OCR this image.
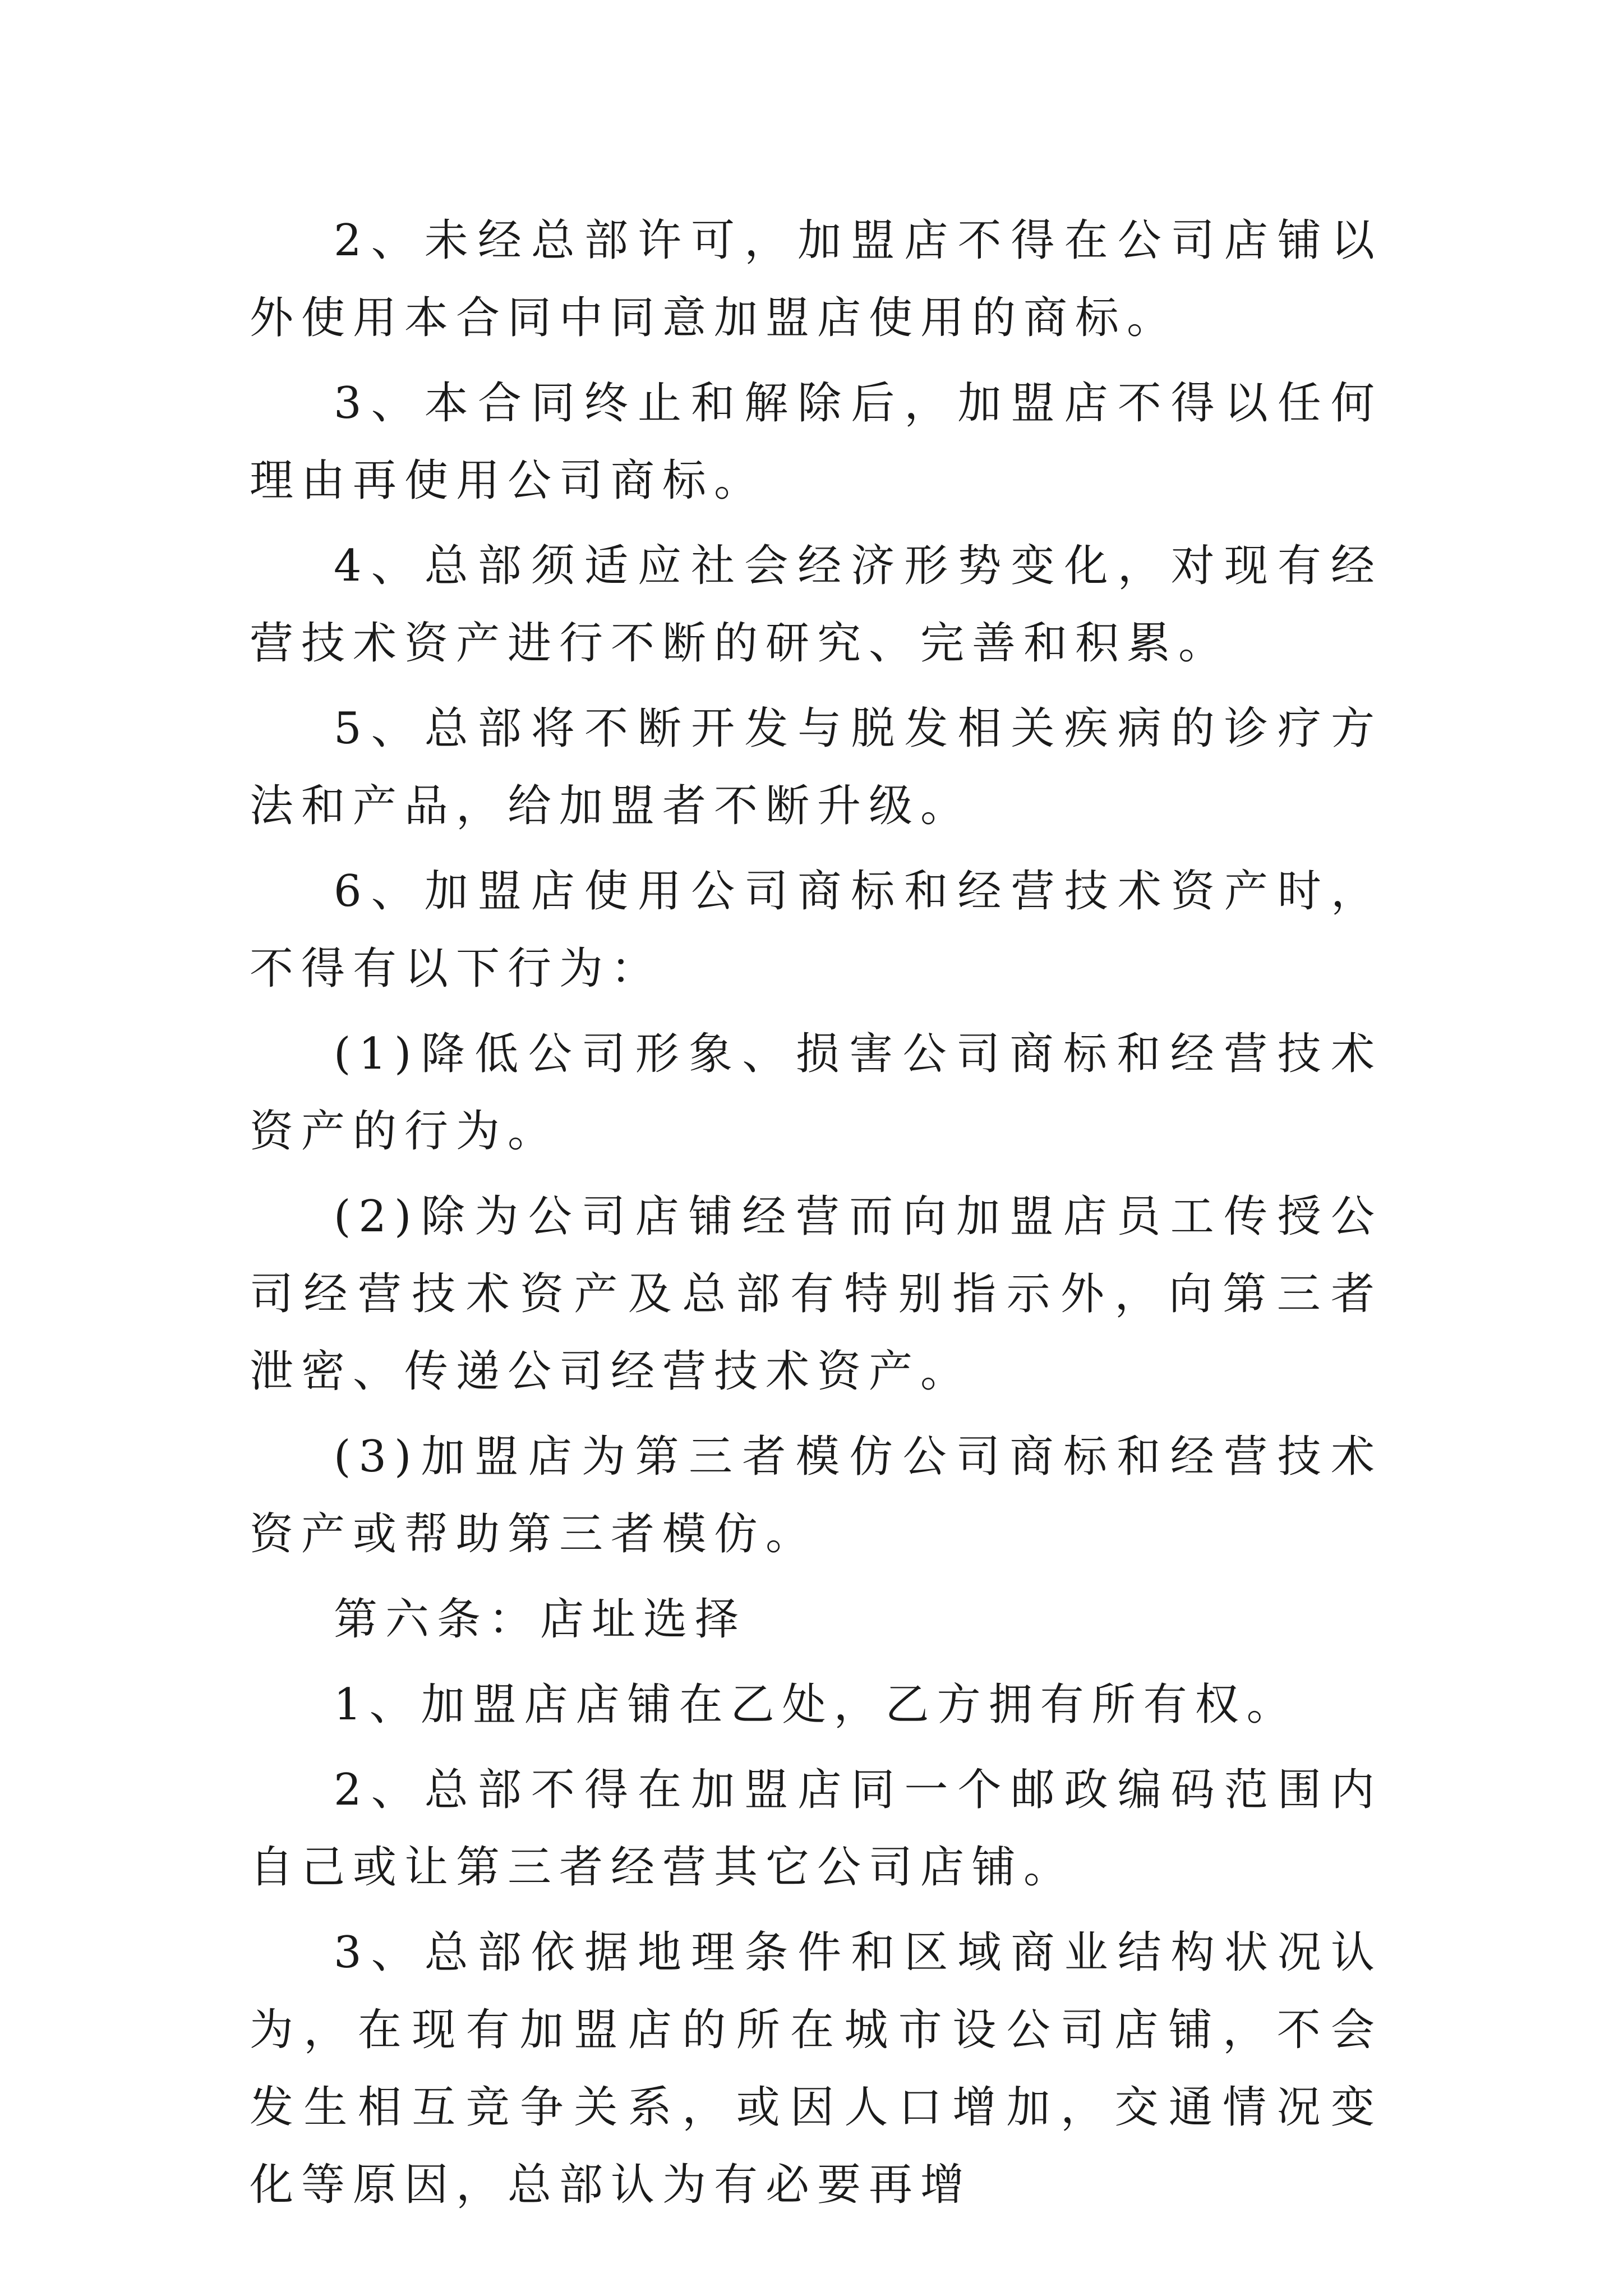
2、未经总部许可，加盟店不得在公司店铺以外使用本合同中同意加盟店使用的商标。

3、本合同终止和解除后，加盟店不得以任何理由再使用公司商标。

4、总部须适应社会经济形势变化，对现有经营技术资产进行不断的研究、完善和积累。

5、总部将不断开发与脱发相关疾病的诊疗方法和产品，给加盟者不断升级。

6、加盟店使用公司商标和经营技术资产时，不得有以下行为：

(1)降低公司形象、损害公司商标和经营技术资产的行为。

(2)除为公司店铺经营而向加盟店员工传授公司经营技术资产及总部有特别指示外，向第三者泄密、传递公司经营技术资产。

(3)加盟店为第三者模仿公司商标和经营技术资产或帮助第三者模仿。

第六条：店址选择

1、加盟店店铺在乙处，乙方拥有所有权。

2、总部不得在加盟店同一个邮政编码范围内自己或让第三者经营其它公司店铺。

3、总部依据地理条件和区域商业结构状况认为，在现有加盟店的所在城市设公司店铺，不会发生相互竞争关系，或因人口增加，交通情况变化等原因，总部认为有必要再增
